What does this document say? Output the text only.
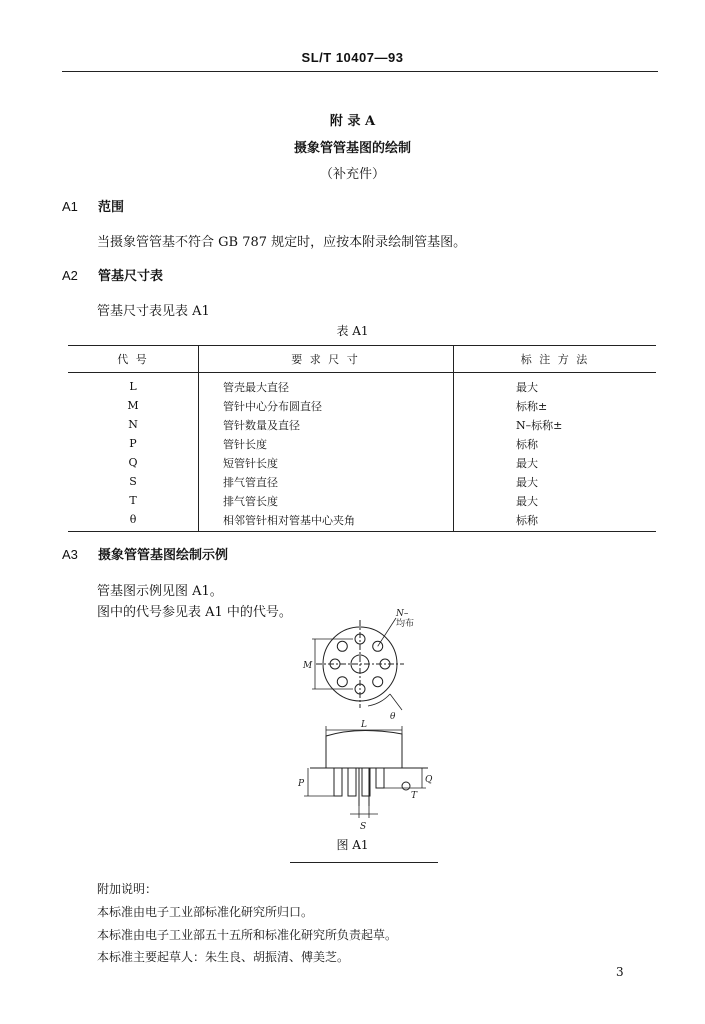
SL/T 10407—93
附 录 A
摄象管管基图的绘制
（补充件）
A1 范围
当摄象管管基不符合 GB 787 规定时，应按本附录绘制管基图。
A2 管基尺寸表
管基尺寸表见表 A1
表 A1
代 号	要 求 尺 寸	标 注 方 法
L	管壳最大直径	最大
M	管针中心分布圆直径	标称±
N	管针数量及直径	N–标称±
P	管针长度	标称
Q	短管针长度	最大
S	排气管直径	最大
T	排气管长度	最大
θ	相邻管针相对管基中心夹角	标称
A3 摄象管管基图绘制示例
管基图示例见图 A1。
图中的代号参见表 A1 中的代号。	N–
均布
M
θ
L
P	Q
S
T
图 A1
附加说明：
本标准由电子工业部标准化研究所归口。
本标准由电子工业部五十五所和标准化研究所负责起草。
本标准主要起草人：朱生良、胡振清、傅美芝。
3
